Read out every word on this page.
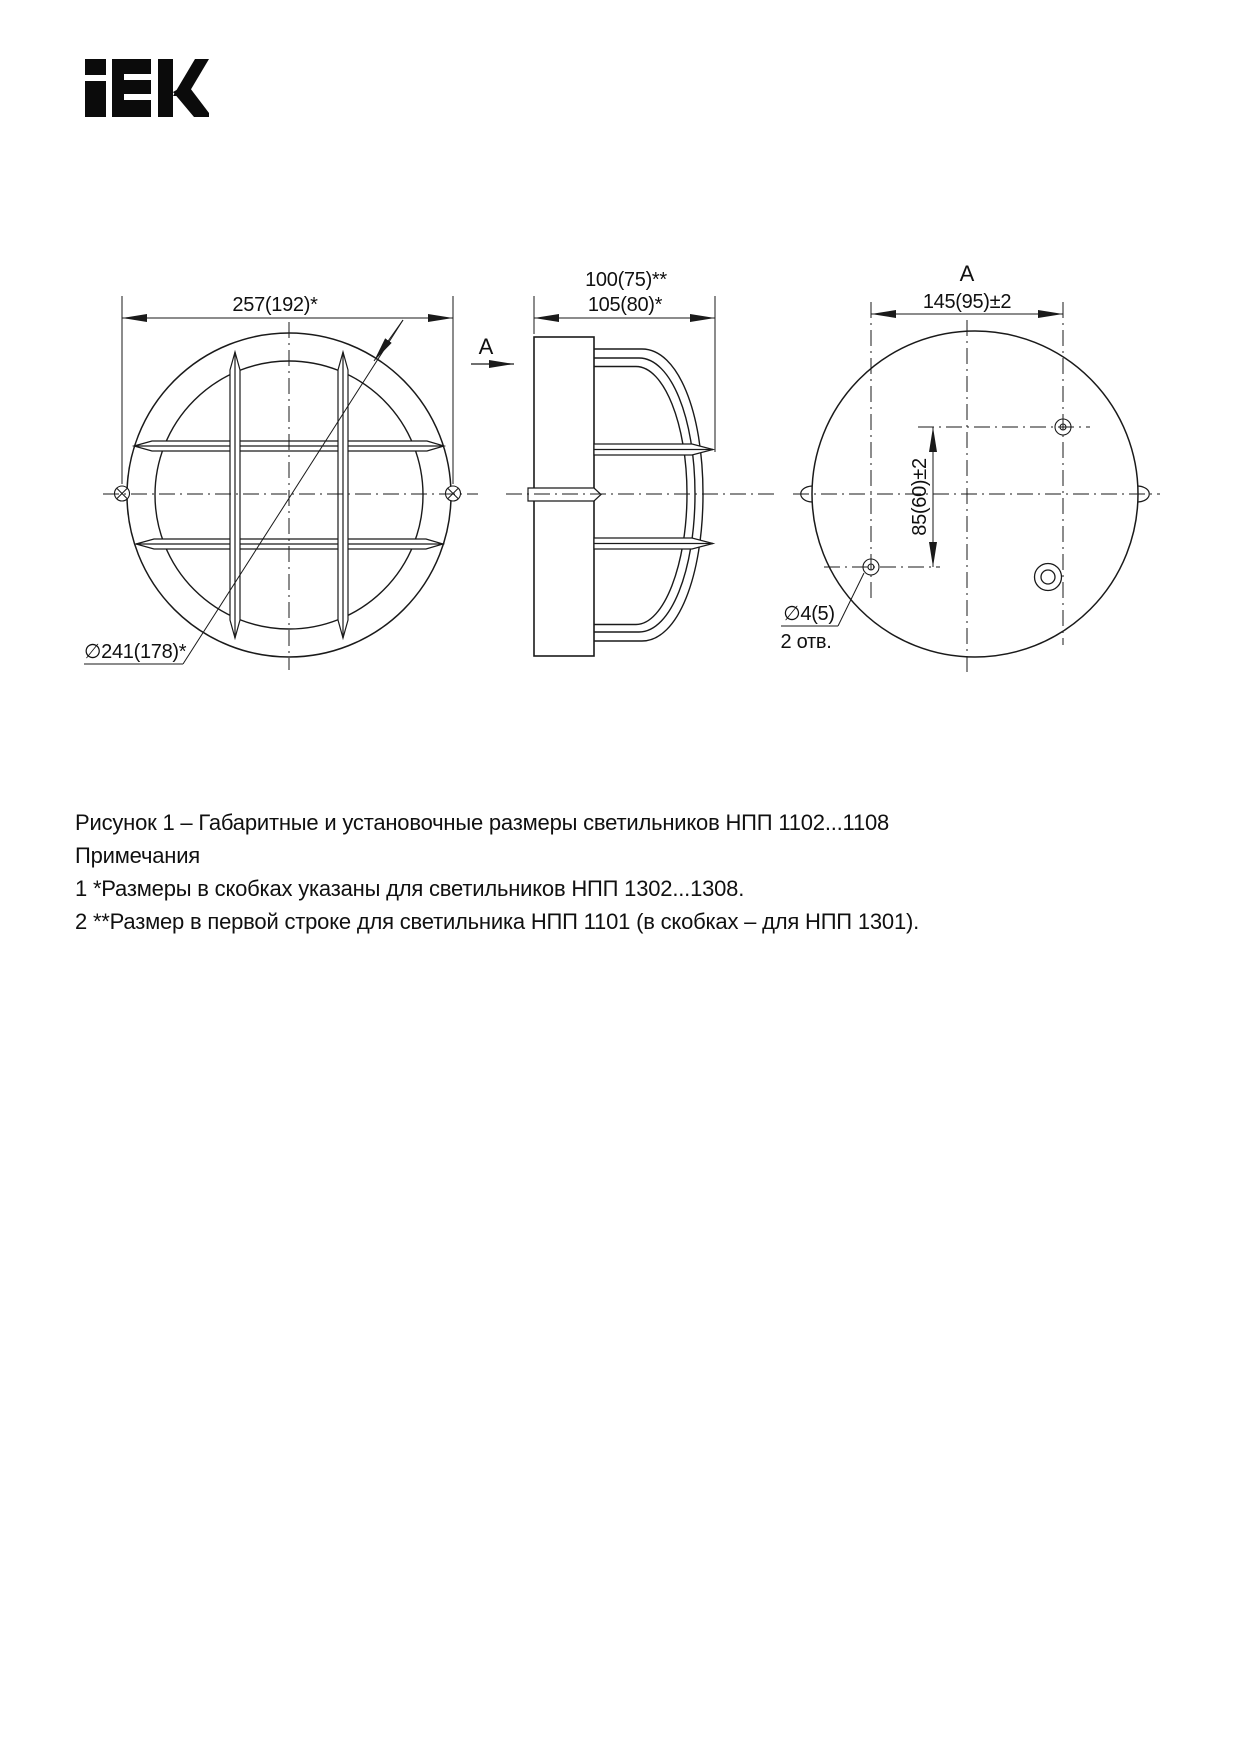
257(192)*
∅241(178)*
100(75)**
105(80)*
A
A
145(95)±2
85(60)±2
∅4(5)
2 отв.
Рисунок 1 – Габаритные и установочные размеры светильников НПП 1102...1108
Примечания
1 *Размеры в скобках указаны для светильников НПП 1302...1308.
2 **Размер в первой строке для светильника НПП 1101 (в скобках – для НПП 1301).
